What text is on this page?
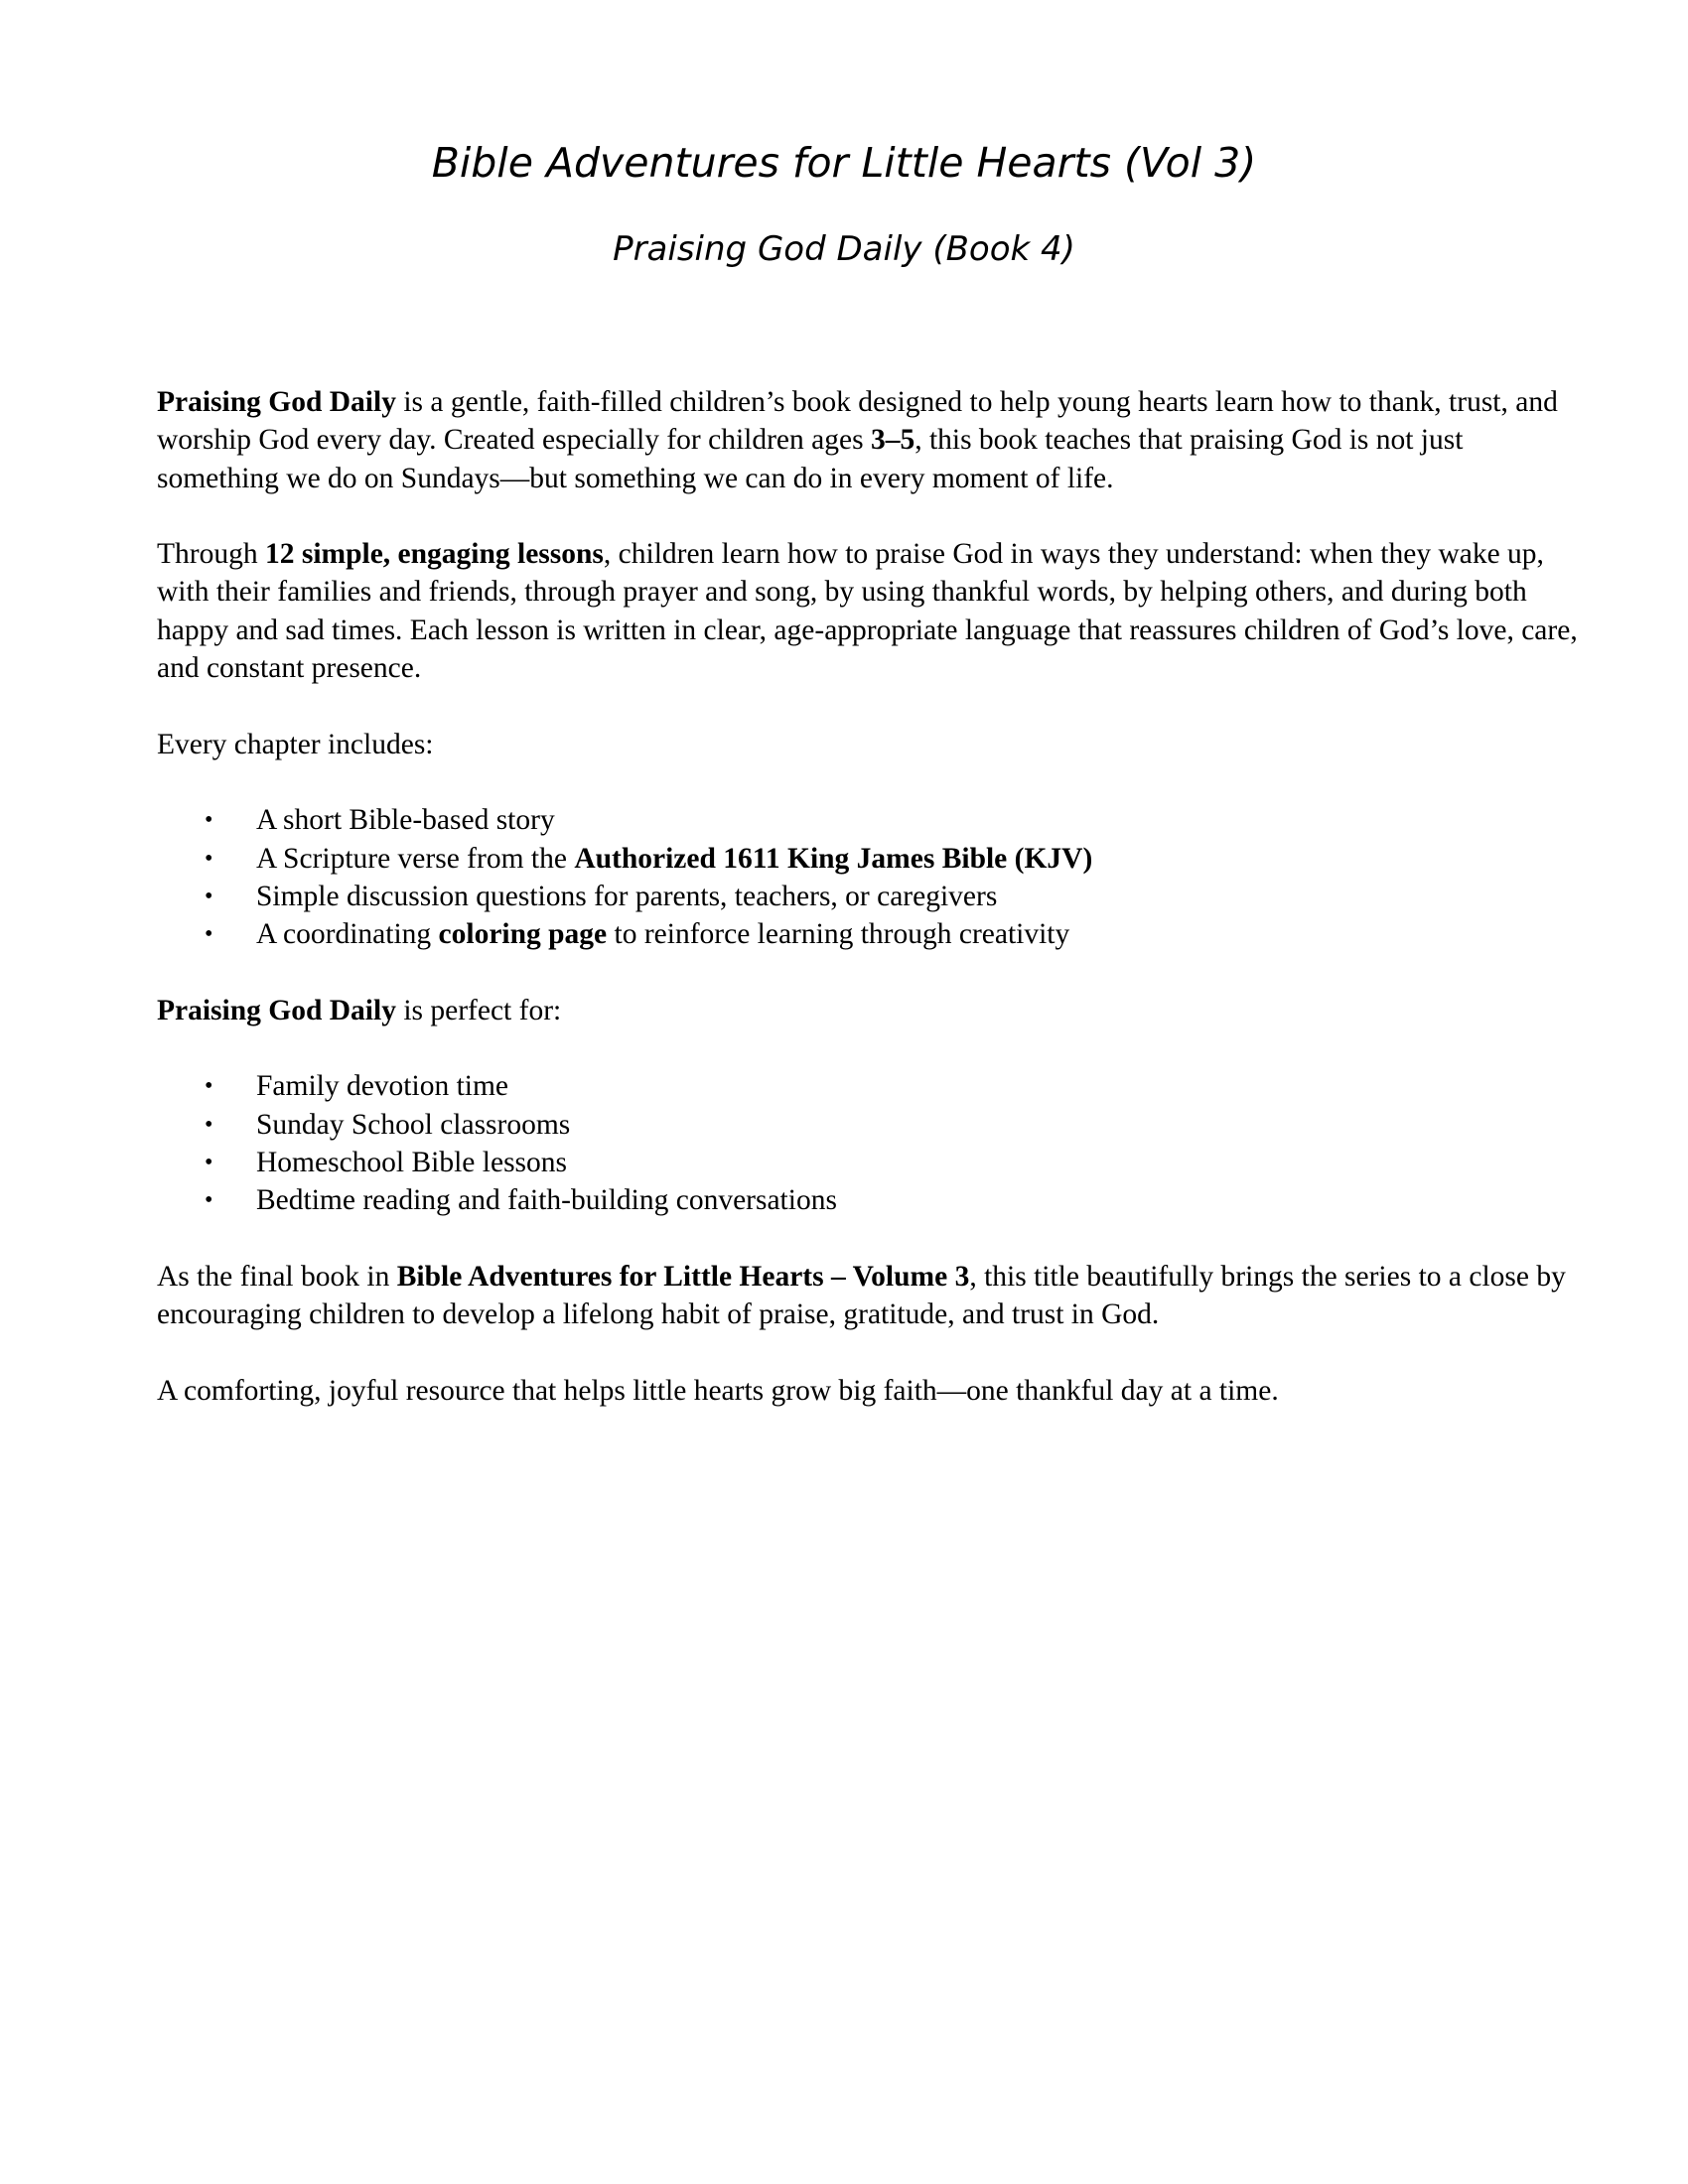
Bible Adventures for Little Hearts (Vol 3)
Praising God Daily (Book 4)

Praising God Daily is a gentle, faith-filled children’s book designed to help young hearts learn how to thank, trust, and worship God every day. Created especially for children ages 3–5, this book teaches that praising God is not just something we do on Sundays—but something we can do in every moment of life.

Through 12 simple, engaging lessons, children learn how to praise God in ways they understand: when they wake up, with their families and friends, through prayer and song, by using thankful words, by helping others, and during both happy and sad times. Each lesson is written in clear, age-appropriate language that reassures children of God’s love, care, and constant presence.

Every chapter includes:

• A short Bible-based story
• A Scripture verse from the Authorized 1611 King James Bible (KJV)
• Simple discussion questions for parents, teachers, or caregivers
• A coordinating coloring page to reinforce learning through creativity

Praising God Daily is perfect for:

• Family devotion time
• Sunday School classrooms
• Homeschool Bible lessons
• Bedtime reading and faith-building conversations

As the final book in Bible Adventures for Little Hearts – Volume 3, this title beautifully brings the series to a close by encouraging children to develop a lifelong habit of praise, gratitude, and trust in God.

A comforting, joyful resource that helps little hearts grow big faith—one thankful day at a time.
